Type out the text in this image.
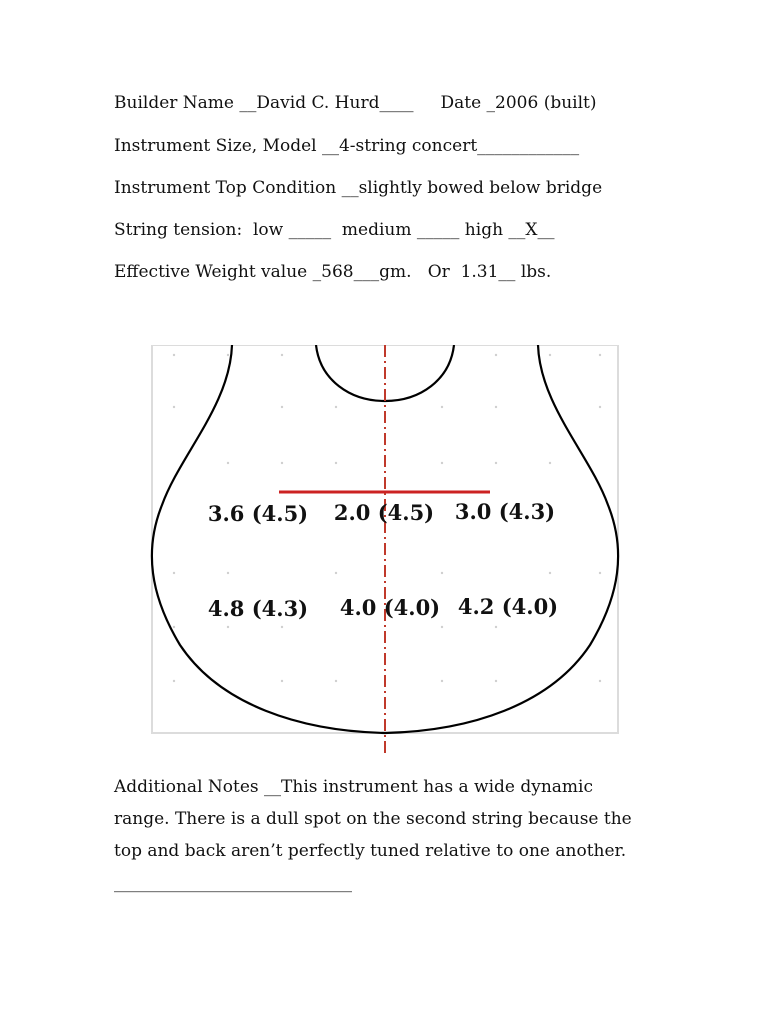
Builder Name __David C. Hurd____     Date _2006 (built)
Instrument Size, Model __4-string concert____________
Instrument Top Condition __slightly bowed below bridge
String tension:  low _____  medium _____ high __X__
Effective Weight value _568___gm.   Or  1.31__ lbs.
3.6 (4.5) 2.0 (4.5) 3.0 (4.3)
4.8 (4.3) 4.0 (4.0) 4.2 (4.0)
Additional Notes __This instrument has a wide dynamic
range. There is a dull spot on the second string because the
top and back aren’t perfectly tuned relative to one another.
____________________________
